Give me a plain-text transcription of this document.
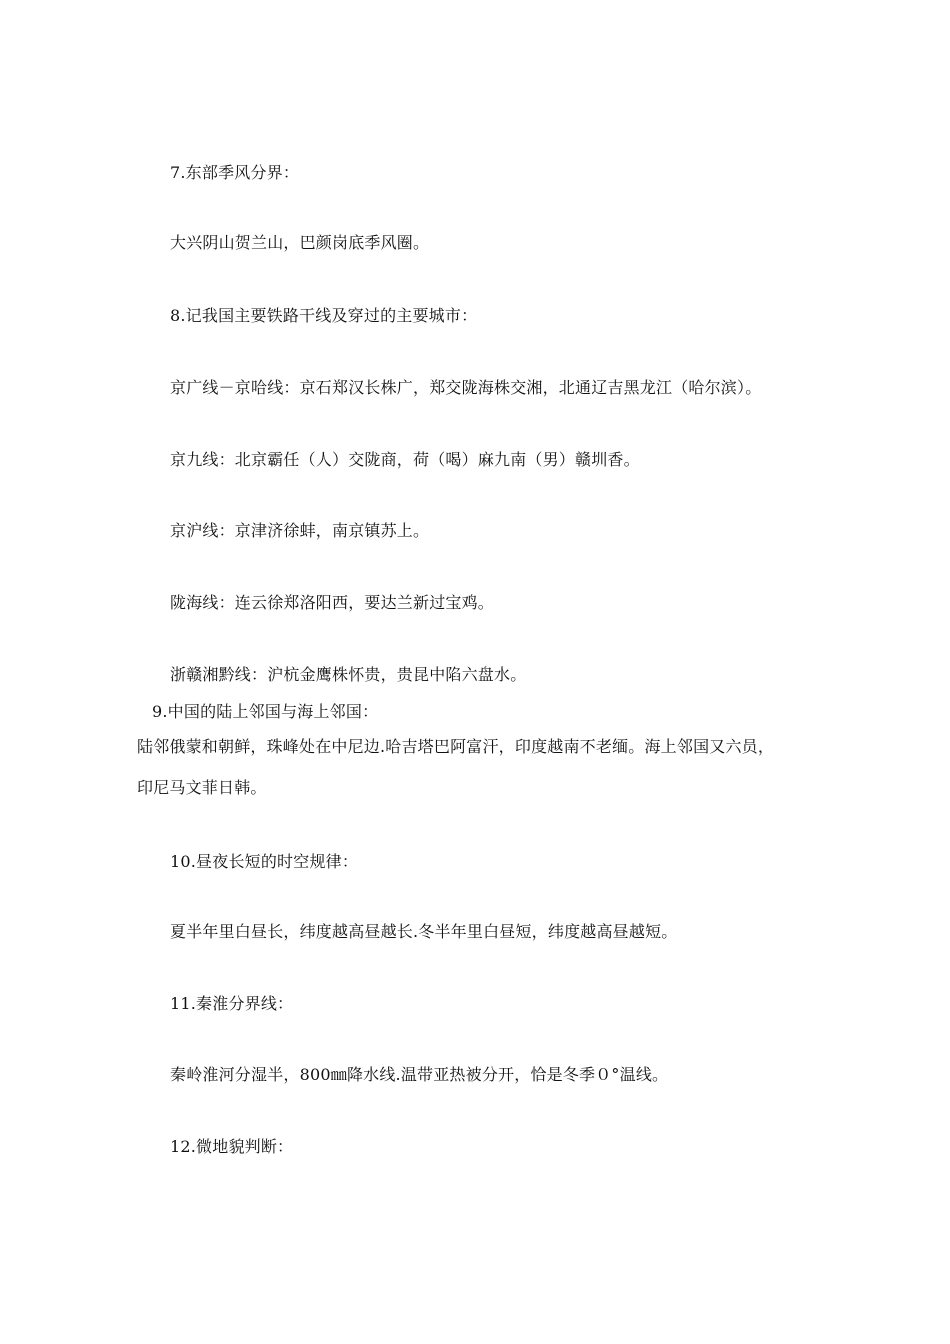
7.东部季风分界：
大兴阴山贺兰山，巴颜岗底季风圈。
8.记我国主要铁路干线及穿过的主要城市：
京广线－京哈线：京石郑汉长株广，郑交陇海株交湘，北通辽吉黑龙江（哈尔滨）。
京九线：北京霸任（人）交陇商，荷（喝）麻九南（男）赣圳香。
京沪线：京津济徐蚌，南京镇苏上。
陇海线：连云徐郑洛阳西，要达兰新过宝鸡。
浙赣湘黔线：沪杭金鹰株怀贵，贵昆中陷六盘水。
9.中国的陆上邻国与海上邻国：
陆邻俄蒙和朝鲜，珠峰处在中尼边.哈吉塔巴阿富汗，印度越南不老缅。海上邻国又六员，
印尼马文菲日韩。
10.昼夜长短的时空规律：
夏半年里白昼长，纬度越高昼越长.冬半年里白昼短，纬度越高昼越短。
11.秦淮分界线：
秦岭淮河分湿半，800㎜降水线.温带亚热被分开，恰是冬季０°温线。
12.微地貌判断：
